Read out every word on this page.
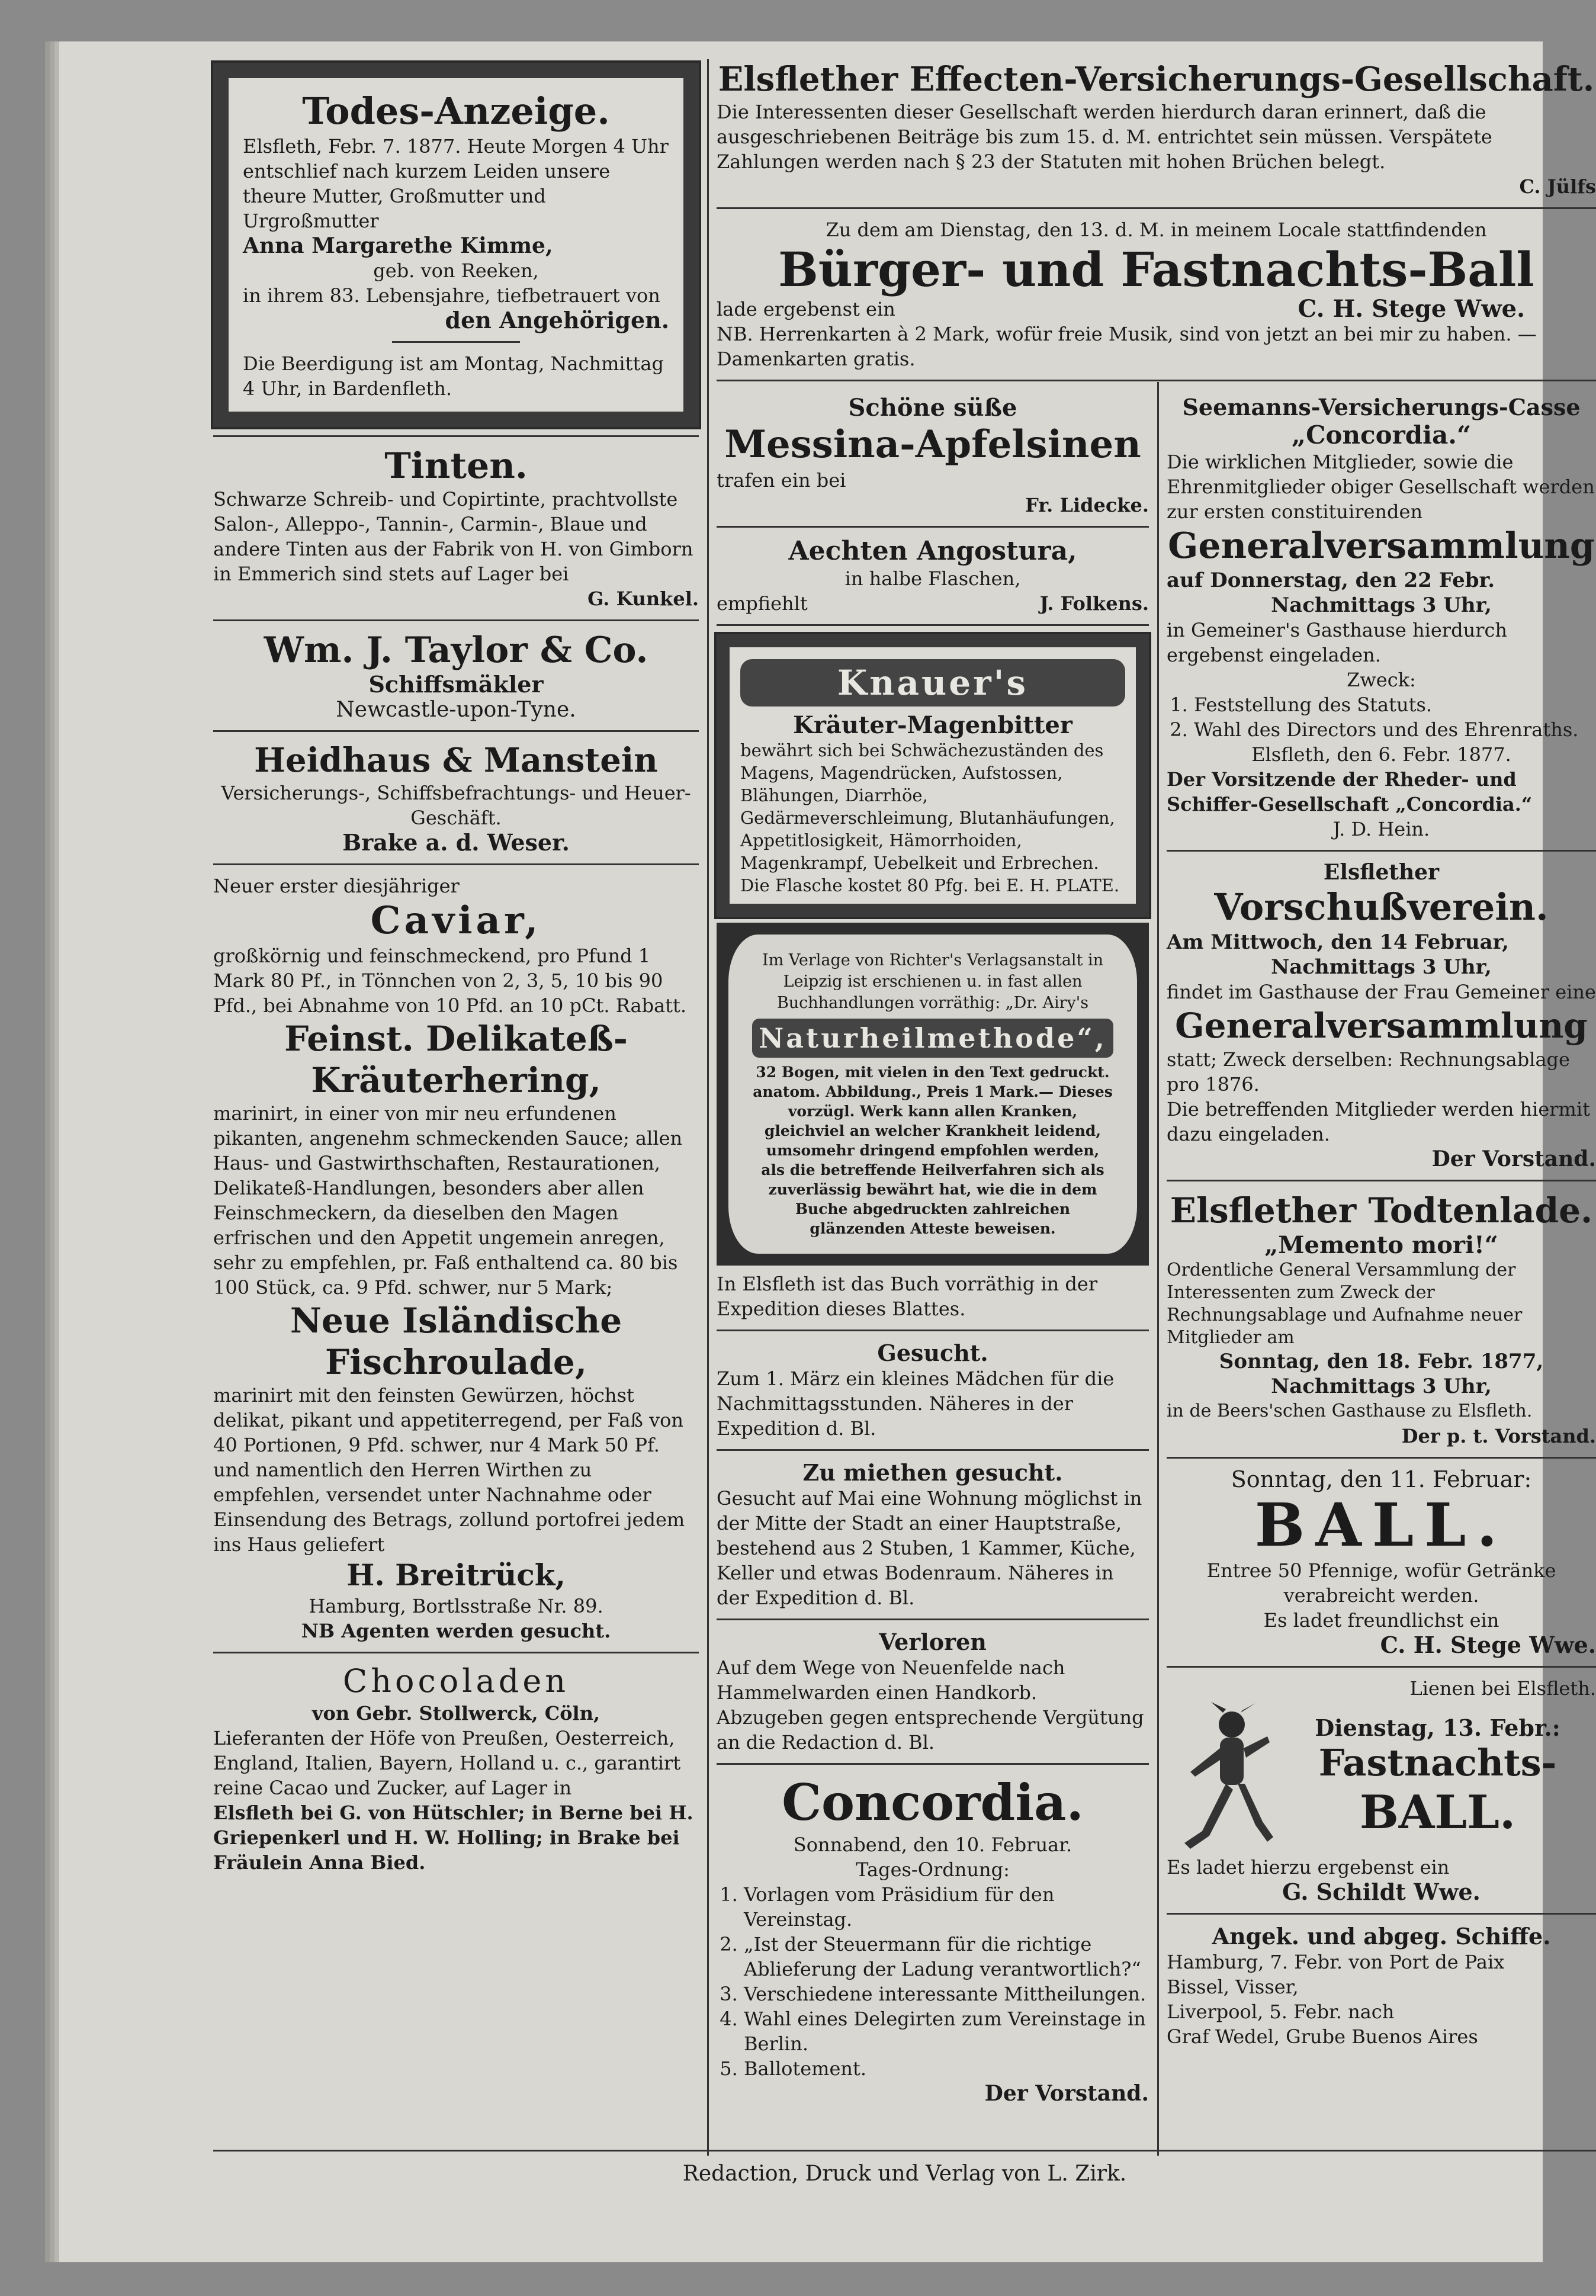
Todes-Anzeige.

Elsfleth, Febr. 7. 1877. Heute Morgen 4 Uhr entschlief nach kurzem Leiden unsere theure Mutter, Großmutter und Urgroßmutter

Anna Margarethe Kimme,

geb. von Reeken,

in ihrem 83. Lebensjahre, tiefbetrauert von

den Angehörigen.

Die Beerdigung ist am Montag, Nachmittag 4 Uhr, in Bardenfleth.

Tinten.

Schwarze Schreib- und Copirtinte, prachtvollste Salon-, Alleppo-, Tannin-, Carmin-, Blaue und andere Tinten aus der Fabrik von H. von Gimborn in Emmerich sind stets auf Lager bei

G. Kunkel.

Wm. J. Taylor & Co.
Schiffsmäkler
Newcastle-upon-Tyne.
Heidhaus & Manstein

Versicherungs-, Schiffsbefrachtungs- und Heuer-Geschäft.

Brake a. d. Weser.

Neuer erster diesjähriger

Caviar,

großkörnig und feinschmeckend, pro Pfund 1 Mark 80 Pf., in Tönnchen von 2, 3, 5, 10 bis 90 Pfd., bei Abnahme von 10 Pfd. an 10 pCt. Rabatt.

Feinst. Delikateß-
Kräuterhering,

marinirt, in einer von mir neu erfundenen pikanten, angenehm schmeckenden Sauce; allen Haus- und Gastwirthschaften, Restaurationen, Delikateß-Handlungen, besonders aber allen Feinschmeckern, da dieselben den Magen erfrischen und den Appetit ungemein anregen, sehr zu empfehlen, pr. Faß enthaltend ca. 80 bis 100 Stück, ca. 9 Pfd. schwer, nur 5 Mark;

Neue Isländische
Fischroulade,

marinirt mit den feinsten Gewürzen, höchst delikat, pikant und appetiterregend, per Faß von 40 Portionen, 9 Pfd. schwer, nur 4 Mark 50 Pf. und namentlich den Herren Wirthen zu empfehlen, versendet unter Nachnahme oder Einsendung des Betrags, zollund portofrei jedem ins Haus geliefert

H. Breitrück,

Hamburg, Bortlsstraße Nr. 89.

NB Agenten werden gesucht.

Chocoladen

von Gebr. Stollwerck, Cöln,

Lieferanten der Höfe von Preußen, Oesterreich, England, Italien, Bayern, Holland u. c., garantirt reine Cacao und Zucker, auf Lager in

Elsfleth bei G. von Hütschler; in Berne bei H. Griepenkerl und H. W. Holling; in Brake bei Fräulein Anna Bied.

Elsflether Effecten-Versicherungs-Gesellschaft.

Die Interessenten dieser Gesellschaft werden hierdurch daran erinnert, daß die ausgeschriebenen Beiträge bis zum 15. d. M. entrichtet sein müssen. Verspätete Zahlungen werden nach § 23 der Statuten mit hohen Brüchen belegt.

C. Jülfs

Zu dem am Dienstag, den 13. d. M. in meinem Locale stattfindenden

Bürger- und Fastnachts-Ball
lade ergebenst ein	C. H. Stege Wwe.

NB. Herrenkarten à 2 Mark, wofür freie Musik, sind von jetzt an bei mir zu haben. — Damenkarten gratis.

Schöne süße
Messina-Apfelsinen

trafen ein bei

Fr. Lidecke.

Aechten Angostura,

in halbe Flaschen,

empfiehlt	J. Folkens.
Knauer's
Kräuter-Magenbitter

bewährt sich bei Schwächezuständen des Magens, Magendrücken, Aufstossen, Blähungen, Diarrhöe, Gedärmeverschleimung, Blutanhäufungen, Appetitlosigkeit, Hämorrhoiden, Magenkrampf, Uebelkeit und Erbrechen. Die Flasche kostet 80 Pfg. bei E. H. PLATE.

Im Verlage von Richter's Verlagsanstalt in Leipzig ist erschienen u. in fast allen Buchhandlungen vorräthig: „Dr. Airy's

Naturheilmethode“,

32 Bogen, mit vielen in den Text gedruckt. anatom. Abbildung., Preis 1 Mark.— Dieses vorzügl. Werk kann allen Kranken, gleichviel an welcher Krankheit leidend, umsomehr dringend empfohlen werden, als die betreffende Heilverfahren sich als zuverlässig bewährt hat, wie die in dem Buche abgedruckten zahlreichen glänzenden Atteste beweisen.

In Elsfleth ist das Buch vorräthig in der Expedition dieses Blattes.

Gesucht.

Zum 1. März ein kleines Mädchen für die Nachmittagsstunden. Näheres in der Expedition d. Bl.

Zu miethen gesucht.

Gesucht auf Mai eine Wohnung möglichst in der Mitte der Stadt an einer Hauptstraße, bestehend aus 2 Stuben, 1 Kammer, Küche, Keller und etwas Bodenraum. Näheres in der Expedition d. Bl.

Verloren

Auf dem Wege von Neuenfelde nach Hammelwarden einen Handkorb. Abzugeben gegen entsprechende Vergütung an die Redaction d. Bl.

Concordia.

Sonnabend, den 10. Februar.

Tages-Ordnung:

1. Vorlagen vom Präsidium für den Vereinstag.
2. „Ist der Steuermann für die richtige Ablieferung der Ladung verantwortlich?“
3. Verschiedene interessante Mittheilungen.
4. Wahl eines Delegirten zum Vereinstage in Berlin.
5. Ballotement.

Der Vorstand.

Seemanns-Versicherungs-Casse
„Concordia.“

Die wirklichen Mitglieder, sowie die Ehrenmitglieder obiger Gesellschaft werden zur ersten constituirenden

Generalversammlung

auf Donnerstag, den 22 Febr.

Nachmittags 3 Uhr,

in Gemeiner's Gasthause hierdurch ergebenst eingeladen.

Zweck:

1. Feststellung des Statuts.
2. Wahl des Directors und des Ehrenraths.

Elsfleth, den 6. Febr. 1877.

Der Vorsitzende der Rheder- und Schiffer-Gesellschaft „Concordia.“

J. D. Hein.

Elsflether
Vorschußverein.

Am Mittwoch, den 14 Februar,

Nachmittags 3 Uhr,

findet im Gasthause der Frau Gemeiner eine

Generalversammlung

statt; Zweck derselben: Rechnungsablage pro 1876.

Die betreffenden Mitglieder werden hiermit dazu eingeladen.

Der Vorstand.

Elsflether Todtenlade.
„Memento mori!“

Ordentliche General Versammlung der Interessenten zum Zweck der Rechnungsablage und Aufnahme neuer Mitglieder am

Sonntag, den 18. Febr. 1877,

Nachmittags 3 Uhr,

in de Beers'schen Gasthause zu Elsfleth.

Der p. t. Vorstand.

Sonntag, den 11. Februar:

BALL.

Entree 50 Pfennige, wofür Getränke verabreicht werden.

Es ladet freundlichst ein

C. H. Stege Wwe.

Lienen bei Elsfleth.

Dienstag, 13. Febr.:

Fastnachts-
BALL.

Es ladet hierzu ergebenst ein

G. Schildt Wwe.

Angek. und abgeg. Schiffe.

Hamburg, 7. Febr. von Port de Paix

Bissel, Visser,

Liverpool, 5. Febr. nach

Graf Wedel, Grube Buenos Aires

Redaction, Druck und Verlag von L. Zirk.
